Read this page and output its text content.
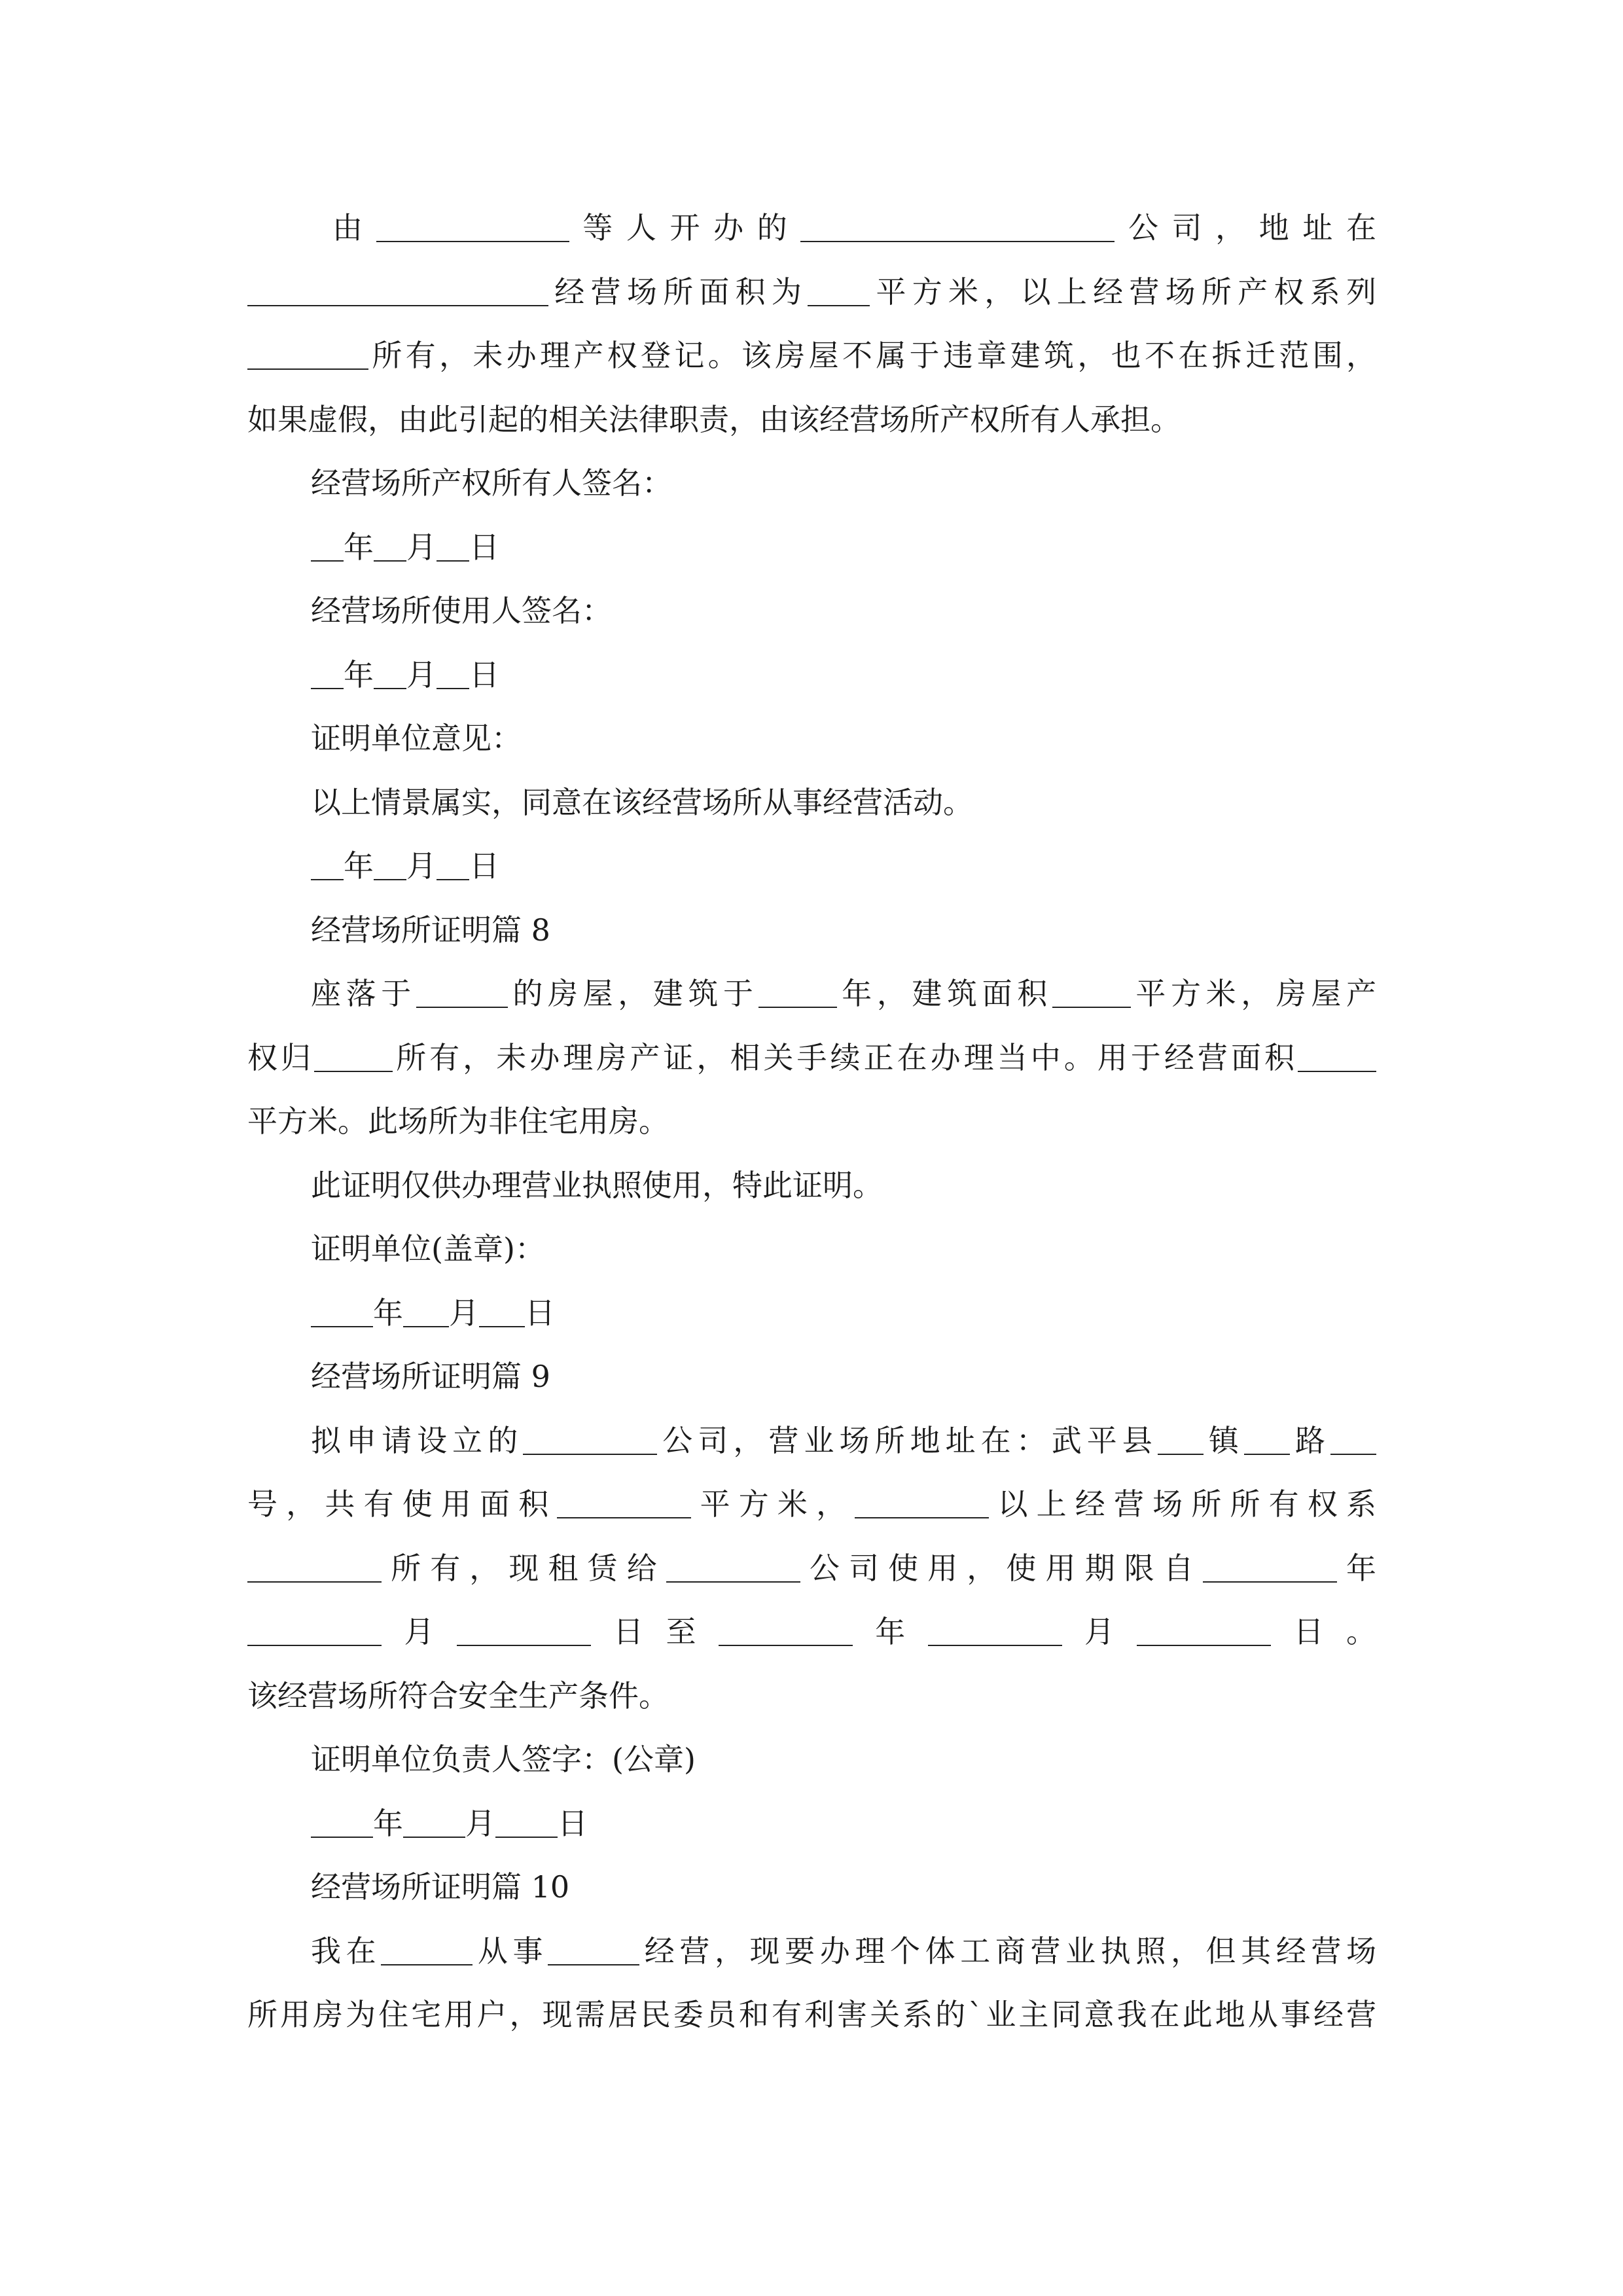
由	等人开办的	公司，地址在
经营场所面积为 平方米，以上经营场所产权系列
所有，未办理产权登记。该房屋不属于违章建筑，也不在拆迁范围，
如果虚假，由此引起的相关法律职责，由该经营场所产权所有人承担。
经营场所产权所有人签名：
年 月 日
经营场所使用人签名：
年 月 日
证明单位意见：
以上情景属实，同意在该经营场所从事经营活动。
年 月 日
经营场所证明篇 8
座落于	的房屋，建筑于	年，建筑面积	平方米，房屋产
权归	所有，未办理房产证，相关手续正在办理当中。用于经营面积
平方米。此场所为非住宅用房。
此证明仅供办理营业执照使用，特此证明。
证明单位(盖章)：
年 月 日
经营场所证明篇 9
拟申请设立的	公司，营业场所地址在：武平县 镇 路
号，共有使用面积	平方米，	以上经营场所所有权系
所有，现租赁给	公司使用，使用期限自	年
月	日至	年	月	日。
该经营场所符合安全生产条件。
证明单位负责人签字：(公章)
年 月 日
经营场所证明篇 10
我在	从事	经营，现要办理个体工商营业执照，但其经营场
所用房为住宅用户，现需居民委员和有利害关系的`业主同意我在此地从事经营
